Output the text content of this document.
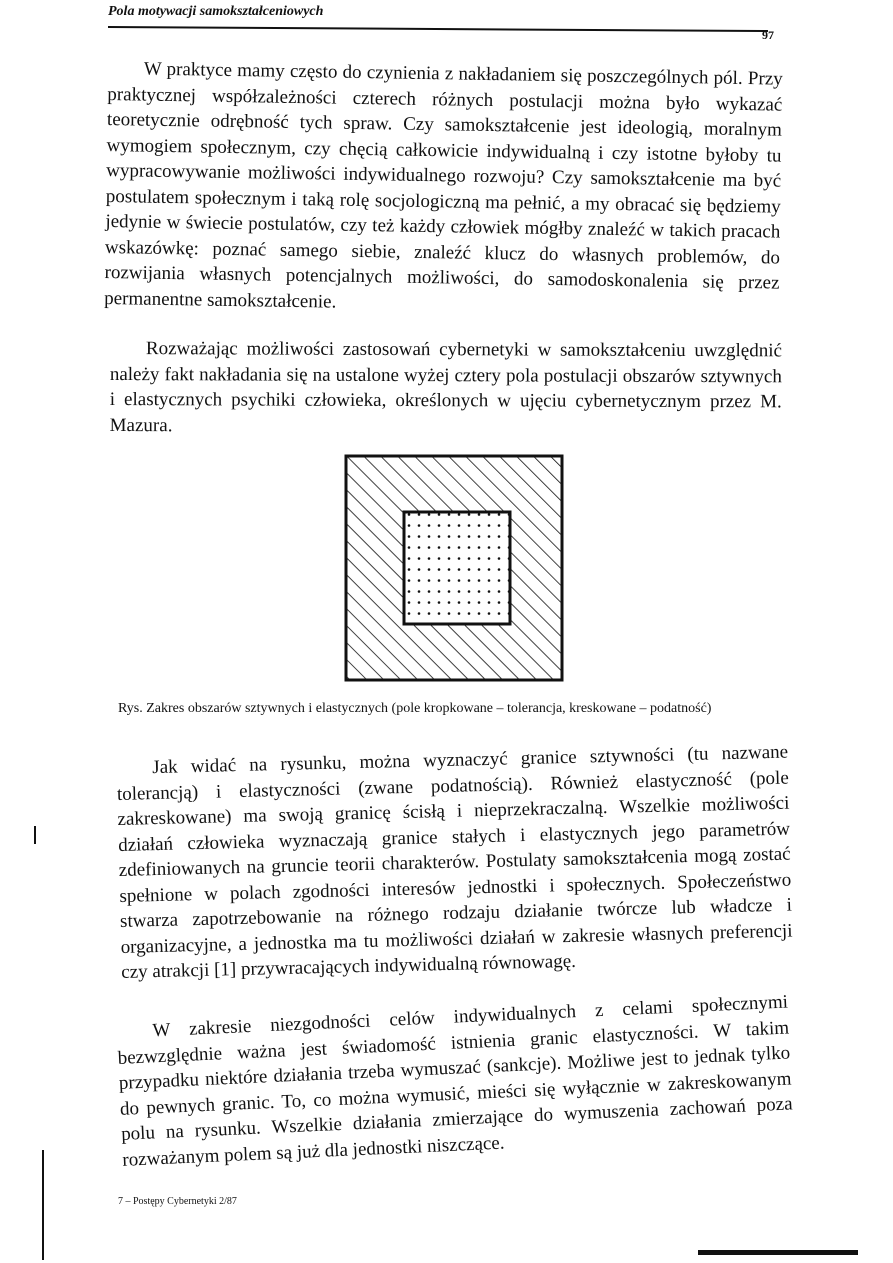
Pola motywacji samokształceniowych
97

W praktyce mamy często do czynienia z nakładaniem się poszczególnych pól. Przy praktycznej współzależności czterech różnych postulacji można było wykazać teoretycznie odrębność tych spraw. Czy samokształcenie jest ideologią, moralnym wymogiem społecznym, czy chęcią całkowicie indywidualną i czy istotne byłoby tu wypracowywanie możliwości indywidualnego rozwoju? Czy samokształcenie ma być postulatem społecznym i taką rolę socjologiczną ma pełnić, a my obracać się będziemy jedynie w świecie postulatów, czy też każdy człowiek mógłby znaleźć w takich pracach wskazówkę: poznać samego siebie, znaleźć klucz do własnych problemów, do rozwijania własnych potencjalnych możliwości, do samodoskonalenia się przez permanentne samokształcenie.

Rozważając możliwości zastosowań cybernetyki w samokształceniu uwzględnić należy fakt nakładania się na ustalone wyżej cztery pola postulacji obszarów sztywnych i elastycznych psychiki człowieka, określonych w ujęciu cybernetycznym przez M. Mazura.

Rys. Zakres obszarów sztywnych i elastycznych (pole kropkowane – tolerancja, kreskowane – podatność)

Jak widać na rysunku, można wyznaczyć granice sztywności (tu nazwane tolerancją) i elastyczności (zwane podatnością). Również elastyczność (pole zakreskowane) ma swoją granicę ścisłą i nieprzekraczalną. Wszelkie możliwości działań człowieka wyznaczają granice stałych i elastycznych jego parametrów zdefiniowanych na gruncie teorii charakterów. Postulaty samokształcenia mogą zostać spełnione w polach zgodności interesów jednostki i społecznych. Społeczeństwo stwarza zapotrzebowanie na różnego rodzaju działanie twórcze lub władcze i organizacyjne, a jednostka ma tu możliwości działań w zakresie własnych preferencji czy atrakcji [1] przywracających indywidualną równowagę.

W zakresie niezgodności celów indywidualnych z celami społecznymi bezwzględnie ważna jest świadomość istnienia granic elastyczności. W takim przypadku niektóre działania trzeba wymuszać (sankcje). Możliwe jest to jednak tylko do pewnych granic. To, co można wymusić, mieści się wyłącznie w zakreskowanym polu na rysunku. Wszelkie działania zmierzające do wymuszenia zachowań poza rozważanym polem są już dla jednostki niszczące.

7 – Postępy Cybernetyki 2/87
